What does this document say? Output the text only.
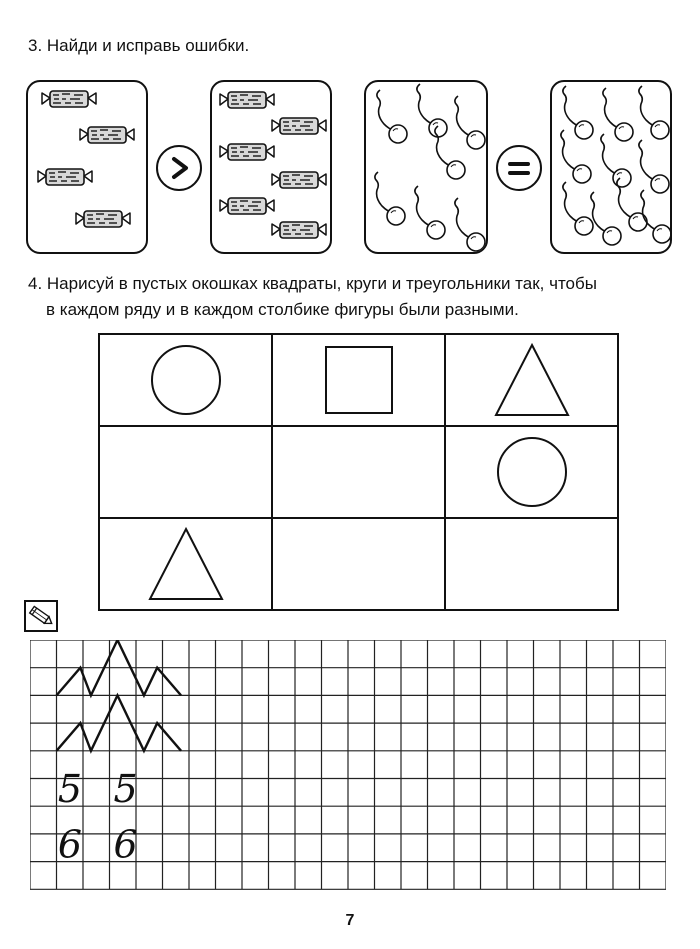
3. Найди и исправь ошибки.

4. Нарисуй в пустых окошках квадраты, круги и треугольники так, чтобы

в каждом ряду и в каждом столбике фигуры были разными.

5 5
6 6

7
